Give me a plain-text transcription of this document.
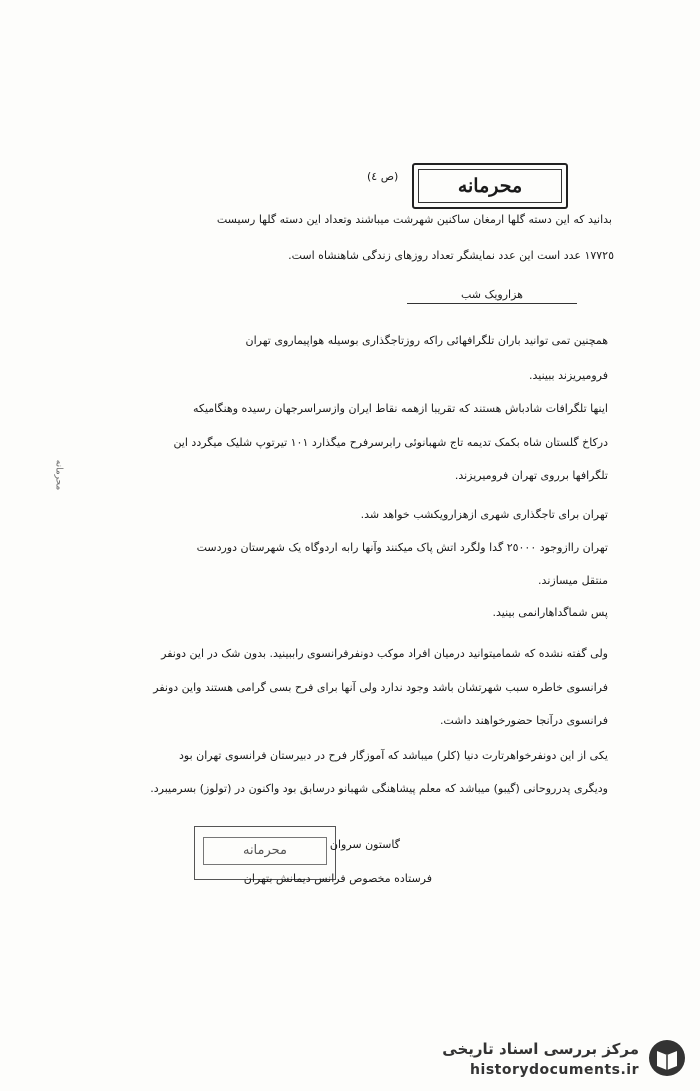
(ص ٤)	محرمانه
بدانید که این دسته گلها ارمغان ساکنین شهرشت میباشند وتعداد این دسته گلها رسیست
١٧٧٢٥ عدد است این عدد نمایشگر تعداد روزهای زندگی شاهنشاه است.
هزارویک شب
همچنین تمی توانید باران تلگرافهائی راکه روزتاجگذاری بوسیله هواپیماروی تهران
فرومیریزند ببینید.
اینها تلگرافات شادباش هستند که تقریبا ازهمه نقاط ایران وازسراسرجهان رسیده وهنگامیکه
درکاخ گلستان شاه بکمک تدیمه تاج شهبانوئی رابرسرفرح میگذارد ١٠١ تیرتوپ شلیک میگردد این
تلگرافها برروی تهران فرومیریزند.
تهران برای تاجگذاری شهری ازهزارویکشب خواهد شد.
تهران راازوجود ٢٥٠٠٠ گدا ولگرد اتش پاک میکنند وآنها رابه اردوگاه یک شهرستان دوردست
منتقل میسازند.
پس شماگداهارانمی بینید.
ولی گفته نشده که شمامیتوانید درمیان افراد موکب دونفرفرانسوی راببینید. بدون شک در این دونفر
فرانسوی خاطره سبب شهرتشان باشد وجود ندارد ولی آنها برای فرح بسی گرامی هستند واین دونفر
فرانسوی درآنجا حضورخواهند داشت.
یکی از این دونفرخواهرتارت دنیا (کلر) میباشد که آموزگار فرح در دبیرستان فرانسوی تهران بود
ودیگری پدرروحانی (گیبو) میباشد که معلم پیشاهنگی شهبانو درسابق بود واکنون در (تولوز) بسرمیبرد.
محرمانه	گاستون سروان
فرستاده مخصوص فرانس دیمانش بتهران
محرمانه
مرکز بررسی اسناد تاریخی
historydocuments.ir
